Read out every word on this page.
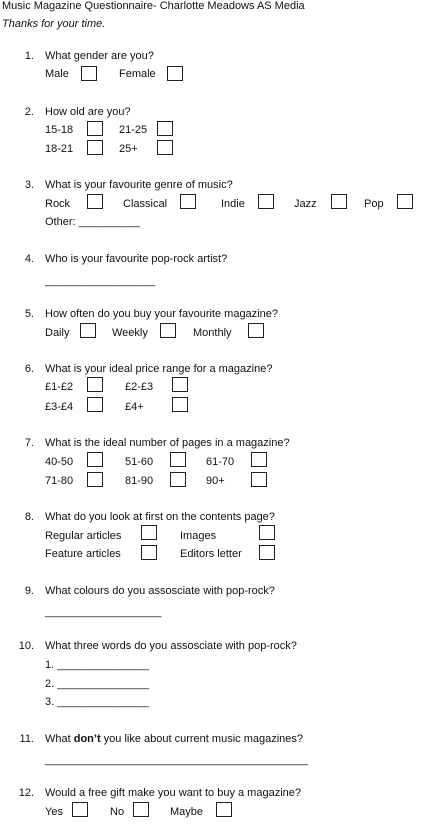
Music Magazine Questionnaire- Charlotte Meadows AS Media
Thanks for your time.
1. What gender are you?
Male	Female
2. How old are you?
15-18	21-25
18-21	25+
3. What is your favourite genre of music?
Rock	Classical	Indie	Jazz	Pop
Other: __________
4. Who is your favourite pop-rock artist?
__________________
5. How often do you buy your favourite magazine?
Daily	Weekly	Monthly
6. What is your ideal price range for a magazine?
£1-£2	£2-£3
£3-£4	£4+
7. What is the ideal number of pages in a magazine?
40-50	51-60	61-70
71-80	81-90	90+
8. What do you look at first on the contents page?
Regular articles	Images
Feature articles	Editors letter
9. What colours do you assosciate with pop-rock?
___________________
10. What three words do you assosciate with pop-rock?
1. _______________
2. _______________
3. _______________
11. What don’t you like about current music magazines?
___________________________________________
12. Would a free gift make you want to buy a magazine?
Yes	No	Maybe
